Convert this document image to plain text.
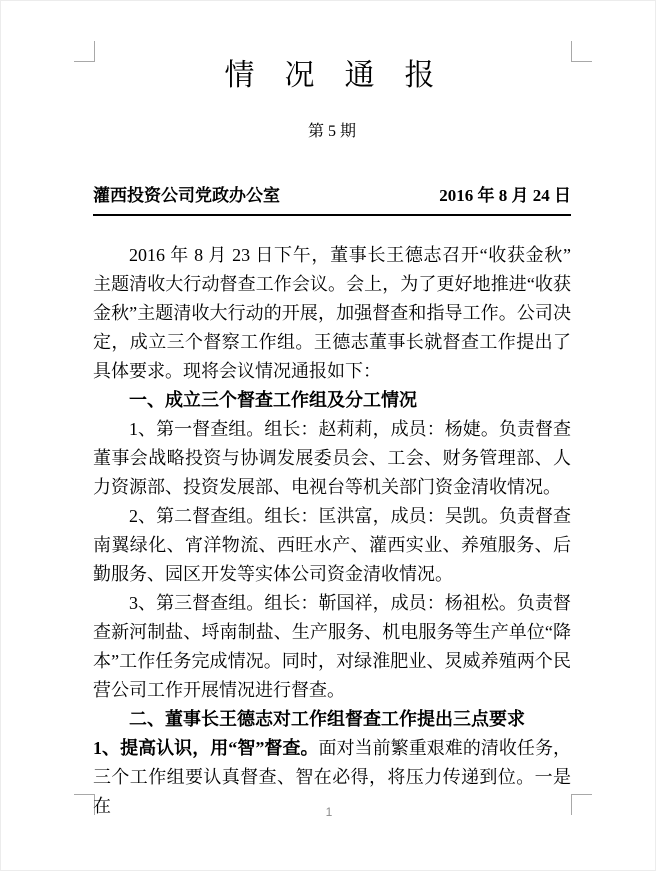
情  况  通  报
第 5 期
灌西投资公司党政办公室	2016 年 8 月 24 日

2016 年 8 月 23 日下午，董事长王德志召开“收获金秋”主题清收大行动督查工作会议。会上，为了更好地推进“收获金秋”主题清收大行动的开展，加强督查和指导工作。公司决定，成立三个督察工作组。王德志董事长就督查工作提出了具体要求。现将会议情况通报如下：

一、成立三个督查工作组及分工情况

1、第一督查组。组长：赵莉莉，成员：杨婕。负责督查董事会战略投资与协调发展委员会、工会、财务管理部、人力资源部、投资发展部、电视台等机关部门资金清收情况。

2、第二督查组。组长：匡洪富，成员：吴凯。负责督查南翼绿化、宵洋物流、西旺水产、灌西实业、养殖服务、后勤服务、园区开发等实体公司资金清收情况。

3、第三督查组。组长：靳国祥，成员：杨祖松。负责督查新河制盐、埒南制盐、生产服务、机电服务等生产单位“降本”工作任务完成情况。同时，对绿淮肥业、炅威养殖两个民营公司工作开展情况进行督查。

二、董事长王德志对工作组督查工作提出三点要求

1、提高认识，用“智”督查。面对当前繁重艰难的清收任务，三个工作组要认真督查、智在必得，将压力传递到位。一是在	1
